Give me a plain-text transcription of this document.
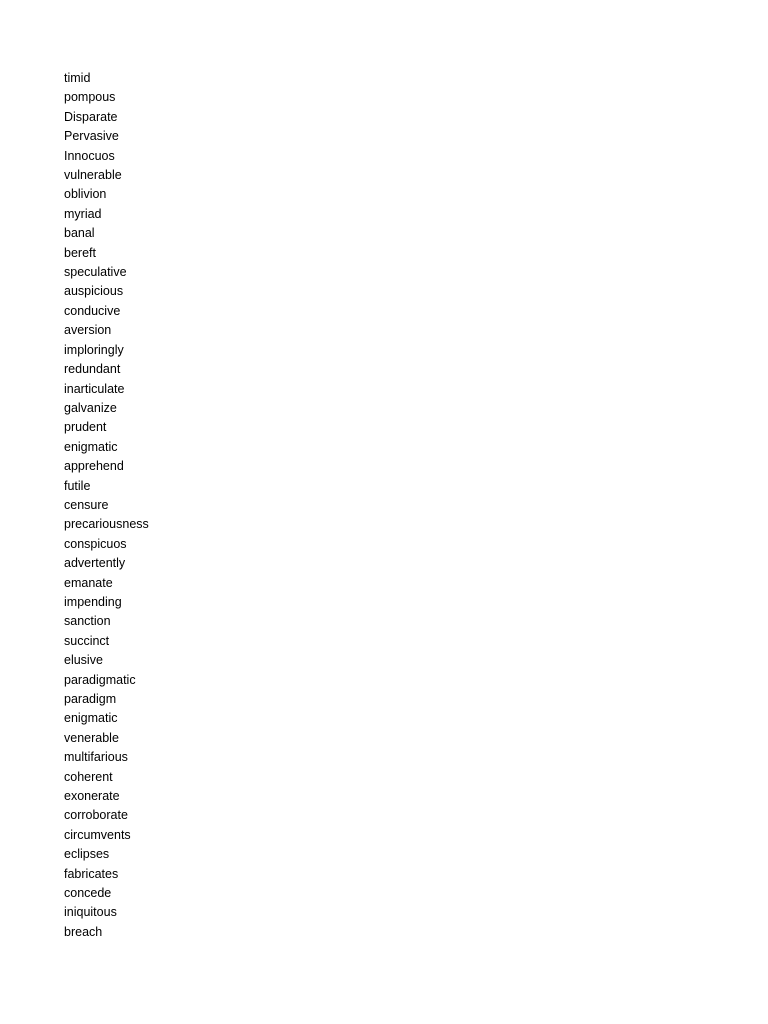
timid
pompous
Disparate
Pervasive
Innocuos
vulnerable
oblivion
myriad
banal
bereft
speculative
auspicious
conducive
aversion
imploringly
redundant
inarticulate
galvanize
prudent
enigmatic
apprehend
futile
censure
precariousness
conspicuos
advertently
emanate
impending
sanction
succinct
elusive
paradigmatic
paradigm
enigmatic
venerable
multifarious
coherent
exonerate
corroborate
circumvents
eclipses
fabricates
concede
iniquitous
breach
